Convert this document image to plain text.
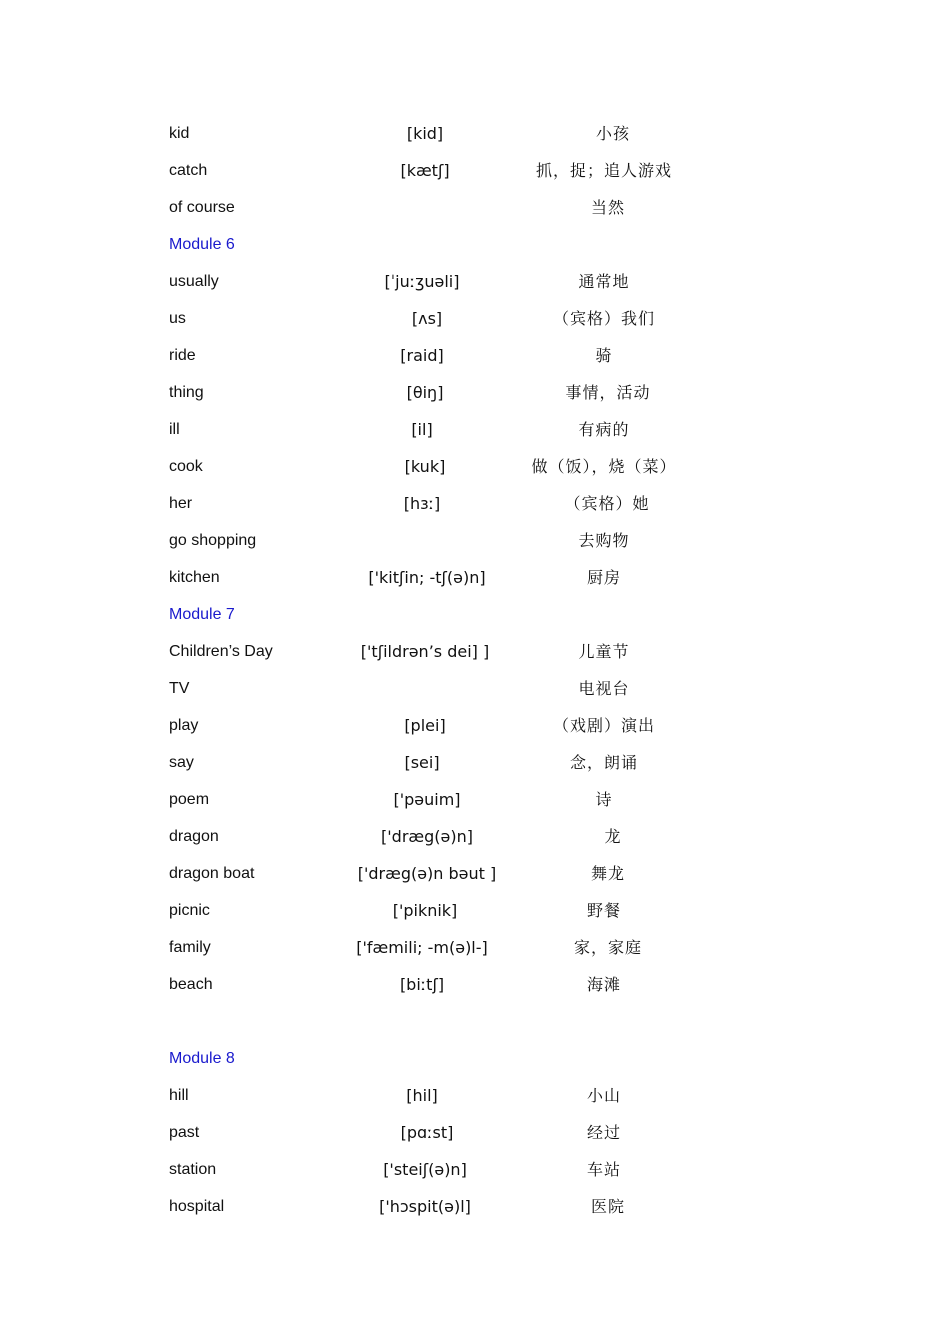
kid	[kid]	小孩
catch	[kætʃ]	抓，捉；追人游戏
of course	当然
Module 6
usually	[ˈjuːʒuəli]	通常地
us	[ʌs]	（宾格）我们
ride	[raid]	骑
thing	[θiŋ]	事情，活动
ill	[il]	有病的
cook	[kuk]	做（饭），烧（菜）
her	[hɜː]	（宾格）她
go shopping	去购物
kitchen	['kitʃin; -tʃ(ə)n]	厨房
Module 7
Children’s Day	['tʃildrən’s dei] ]	儿童节
TV	电视台
play	[plei]	（戏剧）演出
say	[sei]	念，朗诵
poem	['pəuim]	诗
dragon	['dræg(ə)n]	龙
dragon boat	['dræg(ə)n bəut ]	舞龙
picnic	['piknik]	野餐
family	['fæmili; -m(ə)l-]	家，家庭
beach	[biːtʃ]	海滩
Module 8
hill	[hil]	小山
past	[pɑːst]	经过
station	['steiʃ(ə)n]	车站
hospital	['hɔspit(ə)l]	医院
